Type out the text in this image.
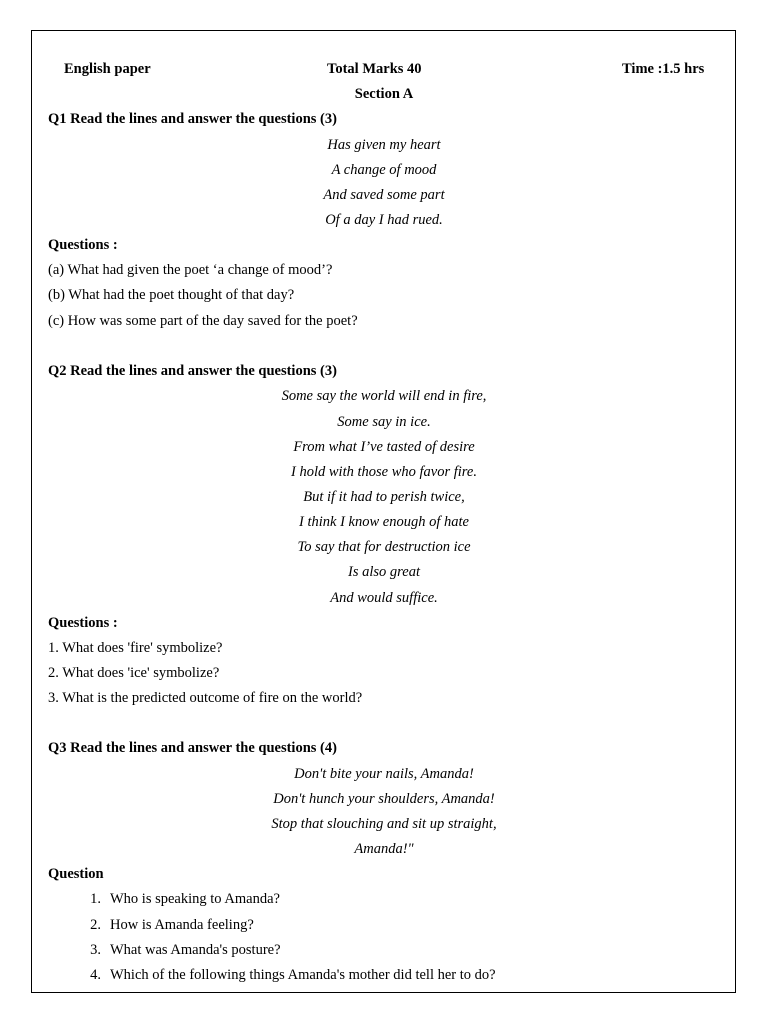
English paper	Total Marks 40	Time :1.5 hrs
Section A
Q1 Read the lines and answer the questions (3)
Has given my heart
A change of mood
And saved some part
Of a day I had rued.
Questions :
(a) What had given the poet ‘a change of mood’?
(b) What had the poet thought of that day?
(c) How was some part of the day saved for the poet?
Q2 Read the lines and answer the questions (3)
Some say the world will end in fire,
Some say in ice.
From what I’ve tasted of desire
I hold with those who favor fire.
But if it had to perish twice,
I think I know enough of hate
To say that for destruction ice
Is also great
And would suffice.
Questions :
1. What does 'fire' symbolize?
2. What does 'ice' symbolize?
3. What is the predicted outcome of fire on the world?
Q3 Read the lines and answer the questions (4)
Don't bite your nails, Amanda!
Don't hunch your shoulders, Amanda!
Stop that slouching and sit up straight,
Amanda!"
Question
1. Who is speaking to Amanda?
2. How is Amanda feeling?
3. What was Amanda's posture?
4. Which of the following things Amanda's mother did tell her to do?
